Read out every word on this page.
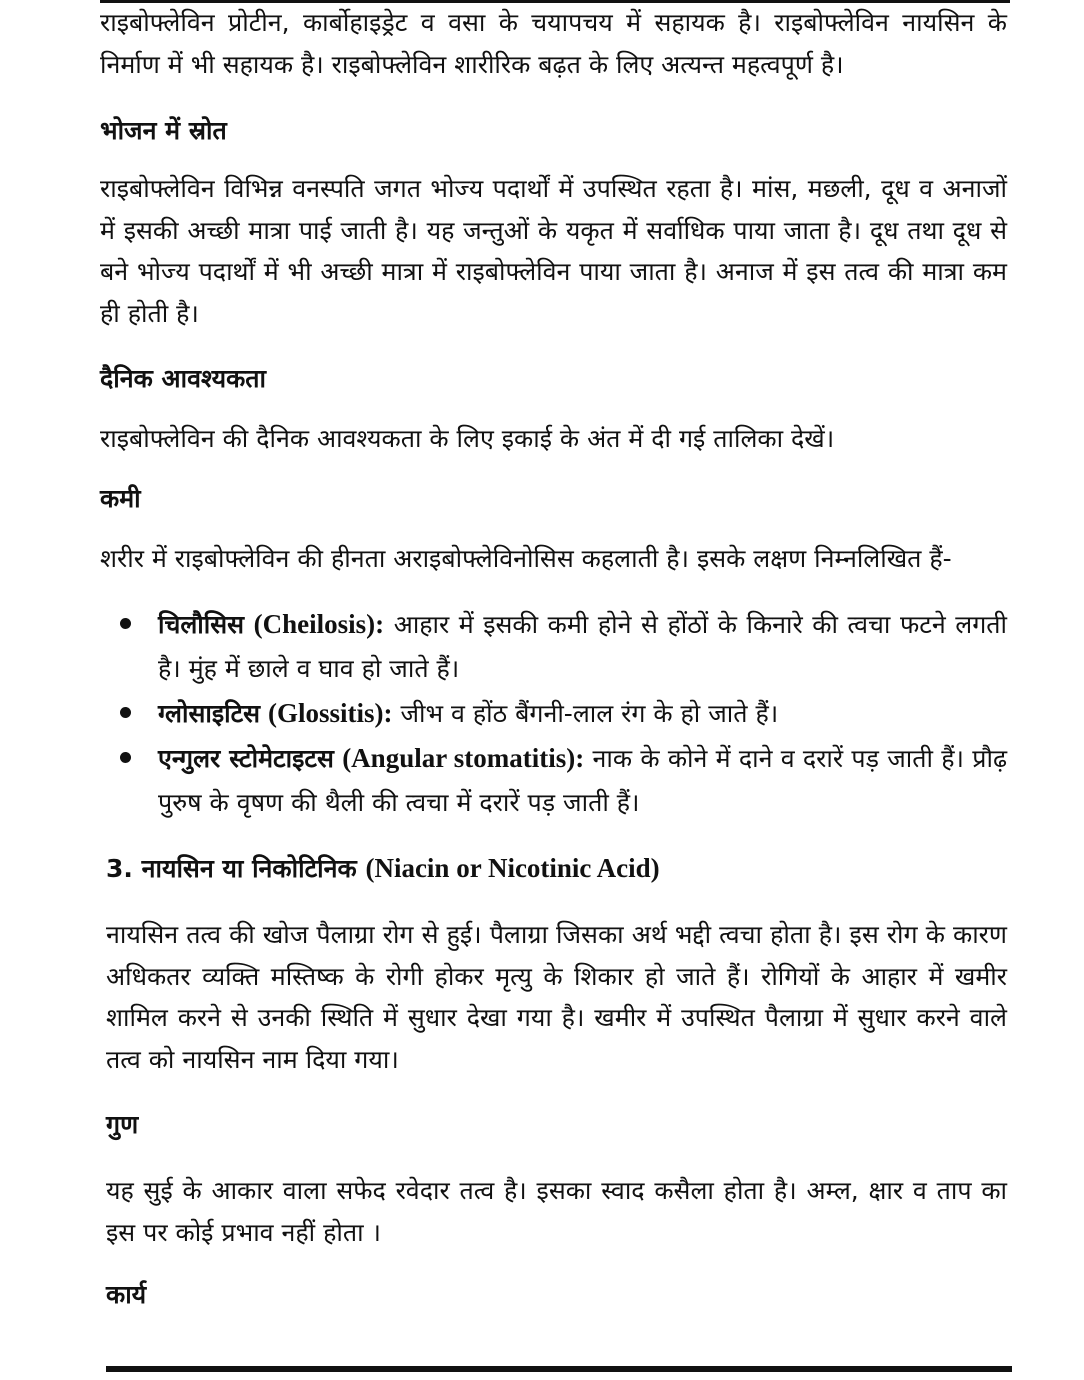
राइबोफ्लेविन प्रोटीन, कार्बोहाइड्रेट व वसा के चयापचय में सहायक है। राइबोफ्लेविन नायसिन के निर्माण में भी सहायक है। राइबोफ्लेविन शारीरिक बढ़त के लिए अत्यन्त महत्वपूर्ण है।

भोजन में स्रोत

राइबोफ्लेविन विभिन्न वनस्पति जगत भोज्य पदार्थों में उपस्थित रहता है। मांस, मछली, दूध व अनाजों में इसकी अच्छी मात्रा पाई जाती है। यह जन्तुओं के यकृत में सर्वाधिक पाया जाता है। दूध तथा दूध से बने भोज्य पदार्थों में भी अच्छी मात्रा में राइबोफ्लेविन पाया जाता है। अनाज में इस तत्व की मात्रा कम ही होती है।

दैनिक आवश्यकता

राइबोफ्लेविन की दैनिक आवश्यकता के लिए इकाई के अंत में दी गई तालिका देखें।

कमी

शरीर में राइबोफ्लेविन की हीनता अराइबोफ्लेविनोसिस कहलाती है। इसके लक्षण निम्नलिखित हैं-

चिलौसिस (Cheilosis): आहार में इसकी कमी होने से होंठों के किनारे की त्वचा फटने लगती है। मुंह में छाले व घाव हो जाते हैं।
ग्लोसाइटिस (Glossitis): जीभ व होंठ बैंगनी-लाल रंग के हो जाते हैं।
एन्गुलर स्टोमेटाइटस (Angular stomatitis): नाक के कोने में दाने व दरारें पड़ जाती हैं। प्रौढ़ पुरुष के वृषण की थैली की त्वचा में दरारें पड़ जाती हैं।
3. नायसिन या निकोटिनिक (Niacin or Nicotinic Acid)

नायसिन तत्व की खोज पैलाग्रा रोग से हुई। पैलाग्रा जिसका अर्थ भद्दी त्वचा होता है। इस रोग के कारण अधिकतर व्यक्ति मस्तिष्क के रोगी होकर मृत्यु के शिकार हो जाते हैं। रोगियों के आहार में खमीर शामिल करने से उनकी स्थिति में सुधार देखा गया है। खमीर में उपस्थित पैलाग्रा में सुधार करने वाले तत्व को नायसिन नाम दिया गया।

गुण

यह सुई के आकार वाला सफेद रवेदार तत्व है। इसका स्वाद कसैला होता है। अम्ल, क्षार व ताप का इस पर कोई प्रभाव नहीं होता ।

कार्य
